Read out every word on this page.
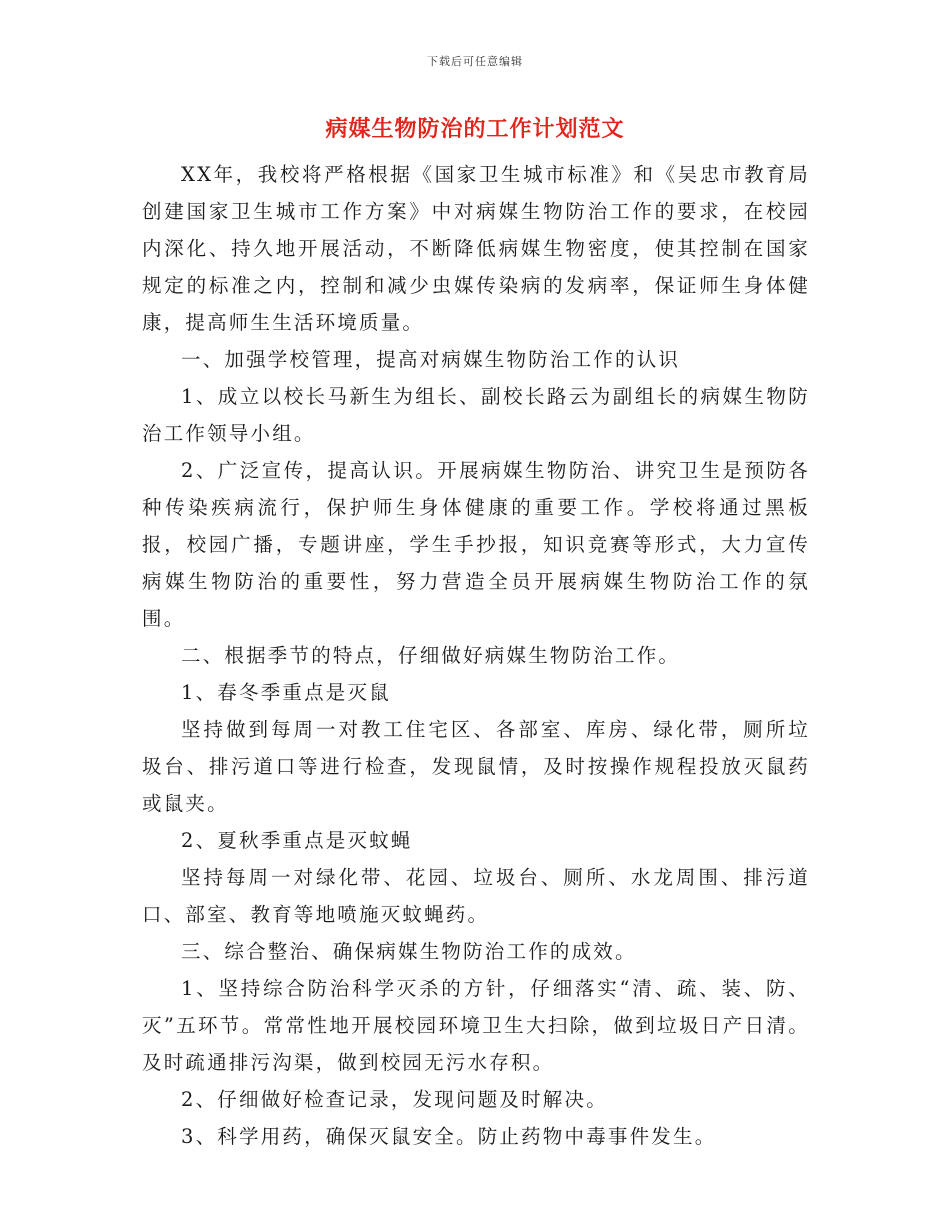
下载后可任意编辑
病媒生物防治的工作计划范文

XX年，我校将严格根据《国家卫生城市标准》和《吴忠市教育局创建国家卫生城市工作方案》中对病媒生物防治工作的要求，在校园内深化、持久地开展活动，不断降低病媒生物密度，使其控制在国家规定的标准之内，控制和减少虫媒传染病的发病率，保证师生身体健康，提高师生生活环境质量。

一、加强学校管理，提高对病媒生物防治工作的认识

1、成立以校长马新生为组长、副校长路云为副组长的病媒生物防治工作领导小组。

2、广泛宣传，提高认识。开展病媒生物防治、讲究卫生是预防各种传染疾病流行，保护师生身体健康的重要工作。学校将通过黑板报，校园广播，专题讲座，学生手抄报，知识竞赛等形式，大力宣传病媒生物防治的重要性，努力营造全员开展病媒生物防治工作的氛围。

二、根据季节的特点，仔细做好病媒生物防治工作。

1、春冬季重点是灭鼠

坚持做到每周一对教工住宅区、各部室、库房、绿化带，厕所垃圾台、排污道口等进行检查，发现鼠情，及时按操作规程投放灭鼠药或鼠夹。

2、夏秋季重点是灭蚊蝇

坚持每周一对绿化带、花园、垃圾台、厕所、水龙周围、排污道口、部室、教育等地喷施灭蚊蝇药。

三、综合整治、确保病媒生物防治工作的成效。

1、坚持综合防治科学灭杀的方针，仔细落实“清、疏、装、防、灭”五环节。常常性地开展校园环境卫生大扫除，做到垃圾日产日清。及时疏通排污沟渠，做到校园无污水存积。

2、仔细做好检查记录，发现问题及时解决。

3、科学用药，确保灭鼠安全。防止药物中毒事件发生。
